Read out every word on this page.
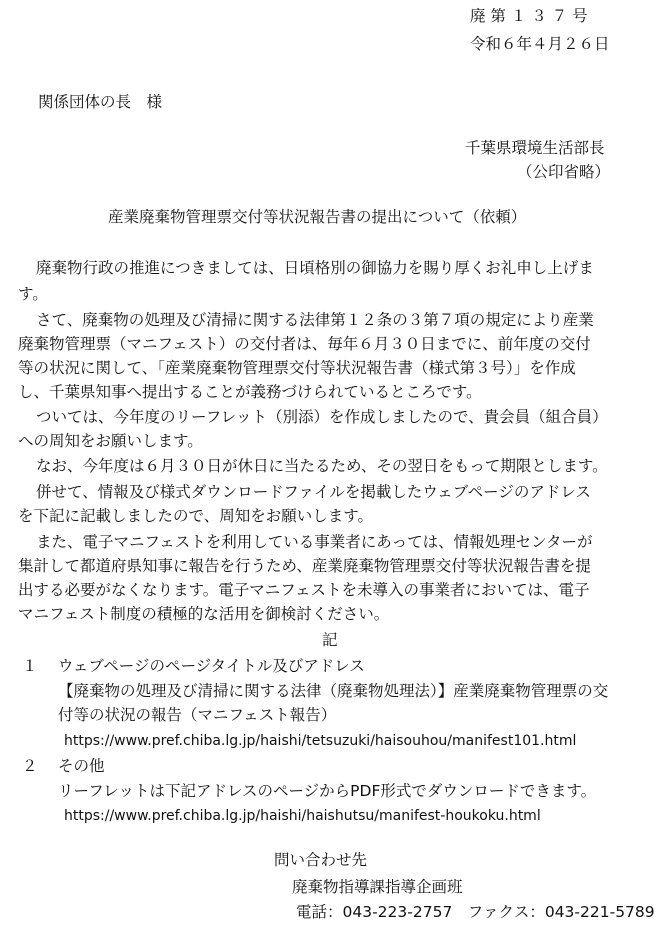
廃 第 １ ３ ７ 号
令和６年４月２６日
関係団体の長　様
千葉県環境生活部長
（公印省略）
産業廃棄物管理票交付等状況報告書の提出について（依頼）
廃棄物行政の推進につきましては、日頃格別の御協力を賜り厚くお礼申し上げま
す。
さて、廃棄物の処理及び清掃に関する法律第１２条の３第７項の規定により産業
廃棄物管理票（マニフェスト）の交付者は、毎年６月３０日までに、前年度の交付
等の状況に関して、「産業廃棄物管理票交付等状況報告書（様式第３号）」を作成
し、千葉県知事へ提出することが義務づけられているところです。
ついては、今年度のリーフレット（別添）を作成しましたので、貴会員（組合員）
への周知をお願いします。
なお、今年度は６月３０日が休日に当たるため、その翌日をもって期限とします。
併せて、情報及び様式ダウンロードファイルを掲載したウェブページのアドレス
を下記に記載しましたので、周知をお願いします。
また、電子マニフェストを利用している事業者にあっては、情報処理センターが
集計して都道府県知事に報告を行うため、産業廃棄物管理票交付等状況報告書を提
出する必要がなくなります。電子マニフェストを未導入の事業者においては、電子
マニフェスト制度の積極的な活用を御検討ください。
記
１ ウェブページのページタイトル及びアドレス
【廃棄物の処理及び清掃に関する法律（廃棄物処理法）】産業廃棄物管理票の交
付等の状況の報告（マニフェスト報告）
https://www.pref.chiba.lg.jp/haishi/tetsuzuki/haisouhou/manifest101.html
２ その他
リーフレットは下記アドレスのページからPDF形式でダウンロードできます。
https://www.pref.chiba.lg.jp/haishi/haishutsu/manifest-houkoku.html
問い合わせ先
廃棄物指導課指導企画班
電話：043-223-2757　ファクス：043-221-5789
